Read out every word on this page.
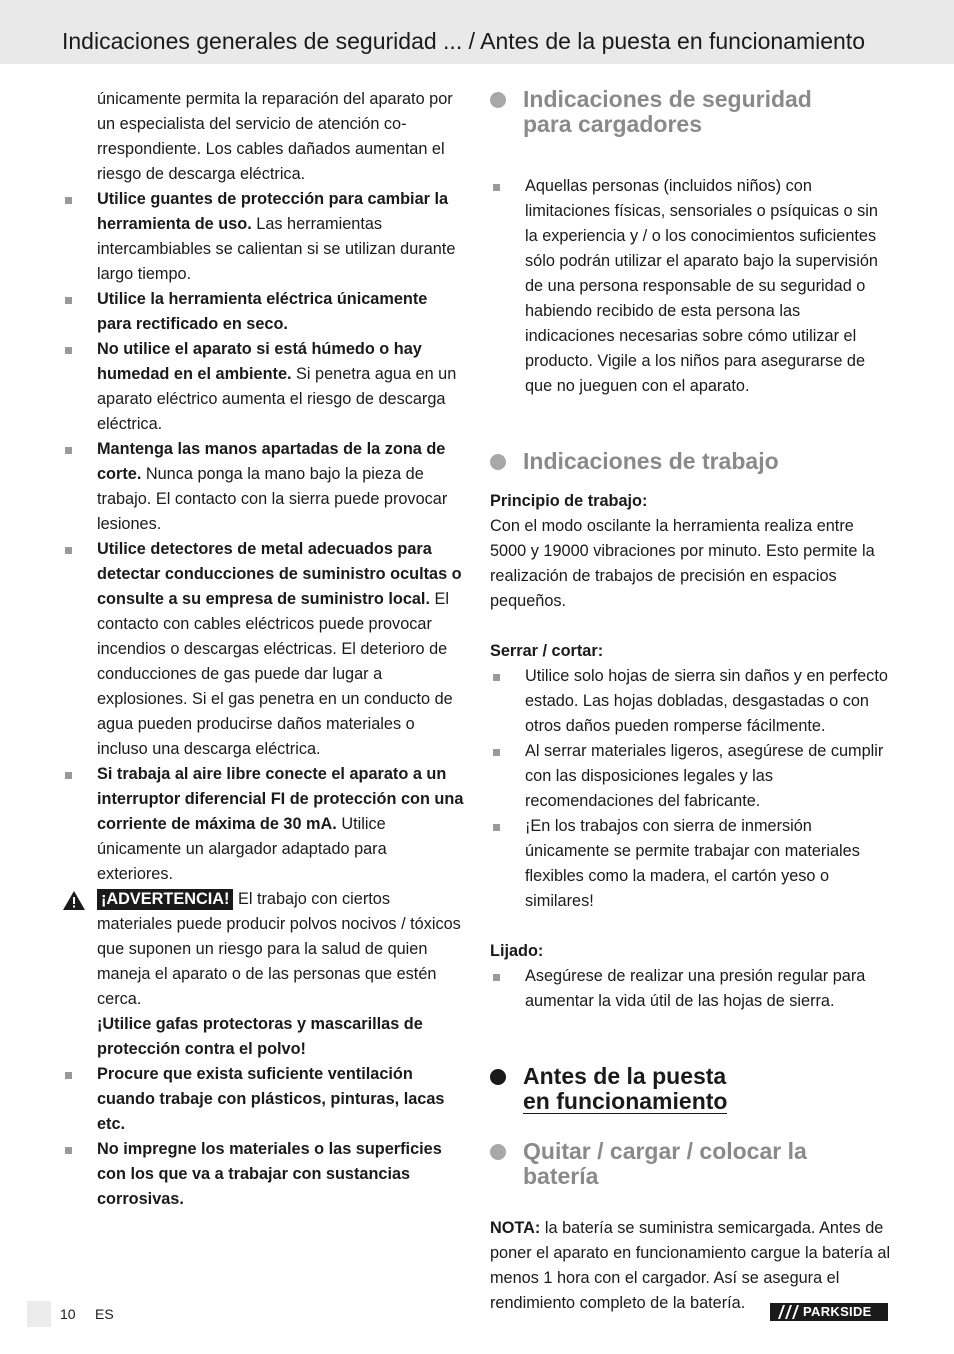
Indicaciones generales de seguridad ... / Antes de la puesta en funcionamiento

únicamente permita la reparación del aparato por un especialista del servicio de atención co-rrespondiente. Los cables dañados aumentan el riesgo de descarga eléctrica.

Utilice guantes de protección para cambiar la herramienta de uso. Las herramientas intercambiables se calientan si se utilizan durante largo tiempo.
Utilice la herramienta eléctrica únicamente para rectificado en seco.
No utilice el aparato si está húmedo o hay humedad en el ambiente. Si penetra agua en un aparato eléctrico aumenta el riesgo de descarga eléctrica.
Mantenga las manos apartadas de la zona de corte. Nunca ponga la mano bajo la pieza de trabajo. El contacto con la sierra puede provocar lesiones.
Utilice detectores de metal adecuados para detectar conducciones de suministro ocultas o consulte a su empresa de suministro local. El contacto con cables eléctricos puede provocar incendios o descargas eléctricas. El deterioro de conducciones de gas puede dar lugar a explosiones. Si el gas penetra en un conducto de agua pueden producirse daños materiales o incluso una descarga eléctrica.
Si trabaja al aire libre conecte el aparato a un interruptor diferencial FI de protección con una corriente de máxima de 30 mA. Utilice únicamente un alargador adaptado para exteriores.
¡ADVERTENCIA! El trabajo con ciertos materiales puede producir polvos nocivos / tóxicos que suponen un riesgo para la salud de quien maneja el aparato o de las personas que estén cerca.

¡Utilice gafas protectoras y mascarillas de protección contra el polvo!

Procure que exista suficiente ventilación cuando trabaje con plásticos, pinturas, lacas etc.
No impregne los materiales o las superficies con los que va a trabajar con sustancias corrosivas.
Indicaciones de seguridad para cargadores
Aquellas personas (incluidos niños) con limitaciones físicas, sensoriales o psíquicas o sin la experiencia y / o los conocimientos suficientes sólo podrán utilizar el aparato bajo la supervisión de una persona responsable de su seguridad o habiendo recibido de esta persona las indicaciones necesarias sobre cómo utilizar el producto. Vigile a los niños para asegurarse de que no jueguen con el aparato.
Indicaciones de trabajo

Principio de trabajo:

Con el modo oscilante la herramienta realiza entre 5000 y 19000 vibraciones por minuto. Esto permite la realización de trabajos de precisión en espacios pequeños.

Serrar / cortar:

Utilice solo hojas de sierra sin daños y en perfecto estado. Las hojas dobladas, desgastadas o con otros daños pueden romperse fácilmente.
Al serrar materiales ligeros, asegúrese de cumplir con las disposiciones legales y las recomendaciones del fabricante.
¡En los trabajos con sierra de inmersión únicamente se permite trabajar con materiales flexibles como la madera, el cartón yeso o similares!

Lijado:

Asegúrese de realizar una presión regular para aumentar la vida útil de las hojas de sierra.
Antes de la puesta
en funcionamiento
Quitar / cargar / colocar la batería

NOTA: la batería se suministra semicargada. Antes de poner el aparato en funcionamiento cargue la batería al menos 1 hora con el cargador. Así se asegura el rendimiento completo de la batería.

10 ES	PARKSIDE
